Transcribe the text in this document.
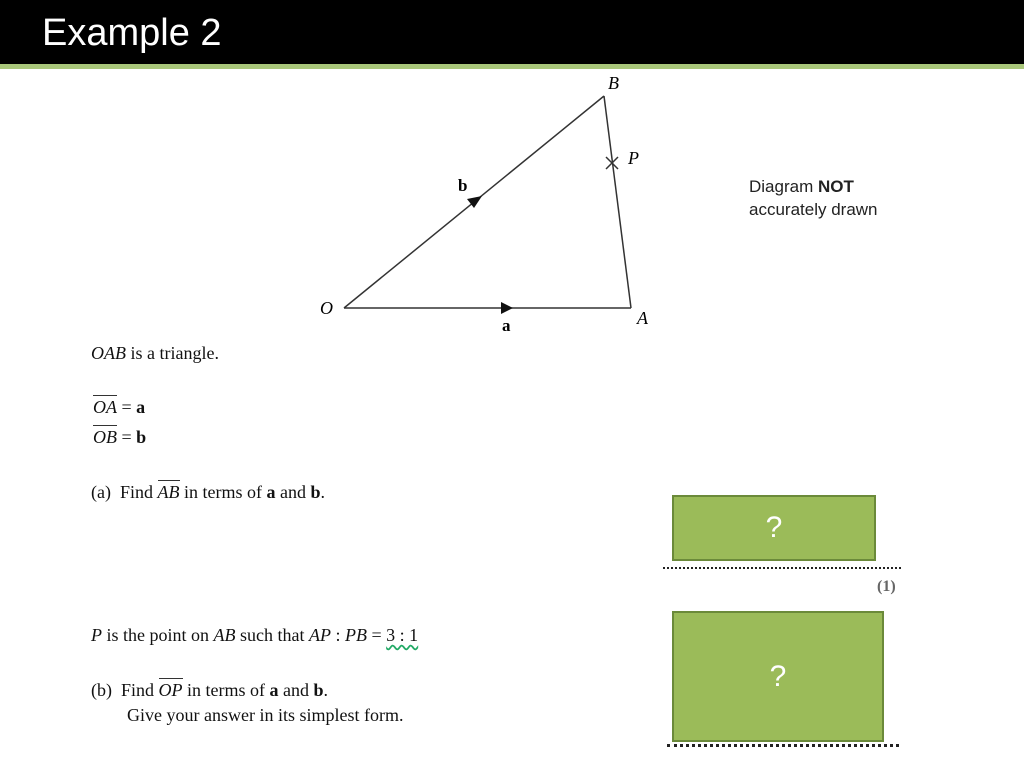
Example 2
O	A
B
P
a
b	Diagram NOT
accurately drawn
OAB is a triangle.
OA = a
OB = b
(a) Find AB in terms of a and b.
?
(1)
P is the point on AB such that AP : PB = 3 : 1
(b) Find OP in terms of a and b.
Give your answer in its simplest form.
?
